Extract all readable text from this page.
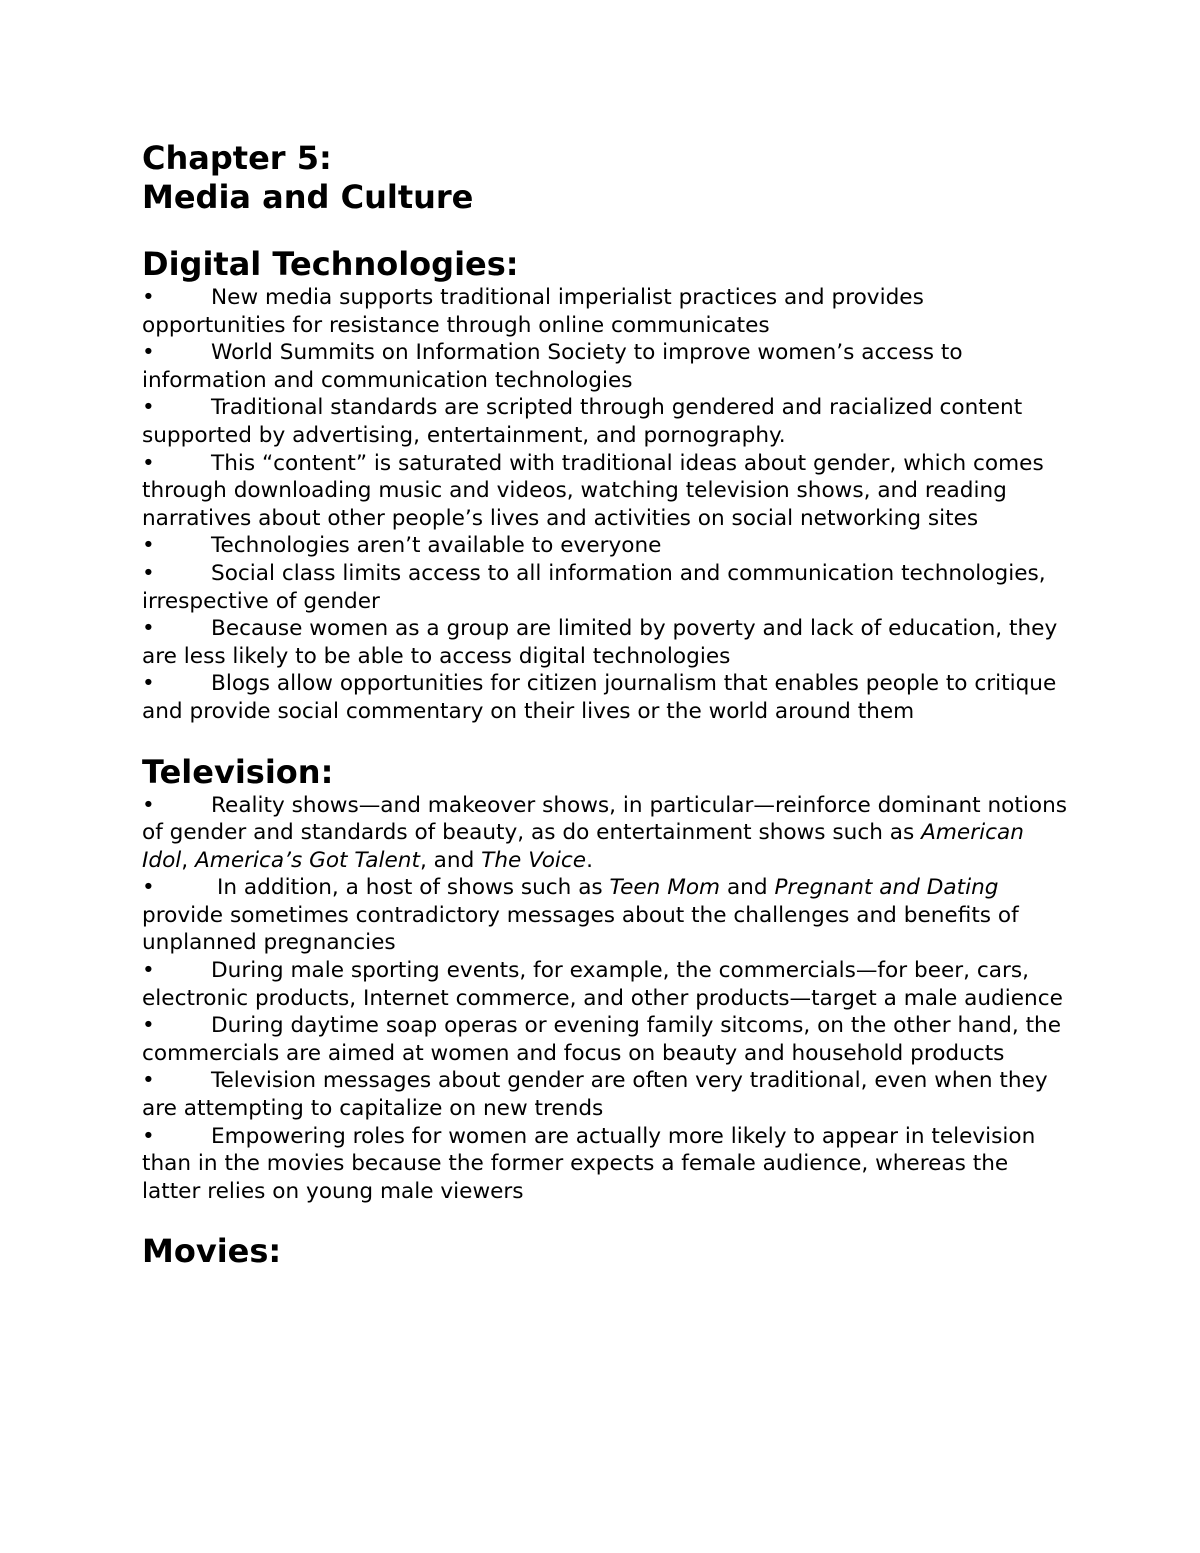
Chapter 5:
Media and Culture
Digital Technologies:
•	New media supports traditional imperialist practices and provides opportunities for resistance through online communicates
•	World Summits on Information Society to improve women’s access to information and communication technologies
•	Traditional standards are scripted through gendered and racialized content supported by advertising, entertainment, and pornography.
•	This “content” is saturated with traditional ideas about gender, which comes through downloading music and videos, watching television shows, and reading narratives about other people’s lives and activities on social networking sites
•	Technologies aren’t available to everyone
•	Social class limits access to all information and communication technologies, irrespective of gender
•	Because women as a group are limited by poverty and lack of education, they are less likely to be able to access digital technologies
•	Blogs allow opportunities for citizen journalism that enables people to critique and provide social commentary on their lives or the world around them
Television:
•	Reality shows—and makeover shows, in particular—reinforce dominant notions of gender and standards of beauty, as do entertainment shows such as American Idol, America’s Got Talent, and The Voice.
•	In addition, a host of shows such as Teen Mom and Pregnant and Dating provide sometimes contradictory messages about the challenges and benefits of unplanned pregnancies
•	During male sporting events, for example, the commercials—for beer, cars, electronic products, Internet commerce, and other products—target a male audience
•	During daytime soap operas or evening family sitcoms, on the other hand, the commercials are aimed at women and focus on beauty and household products
•	Television messages about gender are often very traditional, even when they are attempting to capitalize on new trends
•	Empowering roles for women are actually more likely to appear in television than in the movies because the former expects a female audience, whereas the latter relies on young male viewers
Movies:
